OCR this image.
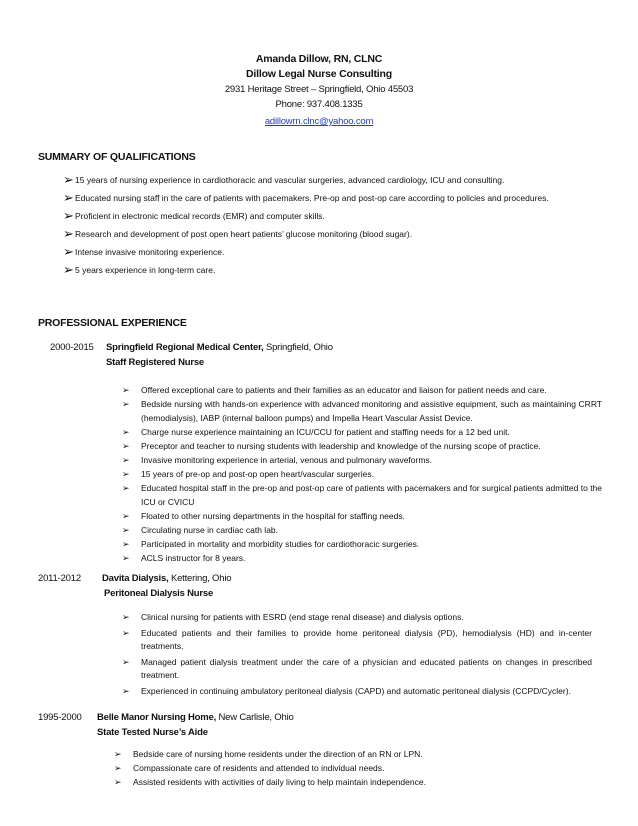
Amanda Dillow, RN, CLNC
Dillow Legal Nurse Consulting
2931 Heritage Street – Springfield, Ohio 45503
Phone: 937.408.1335
adillowrn.clnc@yahoo.com
SUMMARY OF QUALIFICATIONS
➢ 15 years of nursing experience in cardiothoracic and vascular surgeries, advanced cardiology, ICU and consulting.
➢ Educated nursing staff in the care of patients with pacemakers. Pre-op and post-op care according to policies and procedures.
➢ Proficient in electronic medical records (EMR) and computer skills.
➢ Research and development of post open heart patients’ glucose monitoring (blood sugar).
➢ Intense invasive monitoring experience.
➢ 5 years experience in long-term care.
PROFESSIONAL EXPERIENCE
2000-2015 Springfield Regional Medical Center, Springfield, Ohio
Staff Registered Nurse
➢ Offered exceptional care to patients and their families as an educator and liaison for patient needs and care.
➢ Bedside nursing with hands-on experience with advanced monitoring and assistive equipment, such as maintaining CRRT (hemodialysis), IABP (internal balloon pumps) and Impella Heart Vascular Assist Device.
➢ Charge nurse experience maintaining an ICU/CCU for patient and staffing needs for a 12 bed unit.
➢ Preceptor and teacher to nursing students with leadership and knowledge of the nursing scope of practice.
➢ Invasive monitoring experience in arterial, venous and pulmonary waveforms.
➢ 15 years of pre-op and post-op open heart/vascular surgeries.
➢ Educated hospital staff in the pre-op and post-op care of patients with pacemakers and for surgical patients admitted to the ICU or CVICU
➢ Floated to other nursing departments in the hospital for staffing needs.
➢ Circulating nurse in cardiac cath lab.
➢ Participated in mortality and morbidity studies for cardiothoracic surgeries.
➢ ACLS instructor for 8 years.
2011-2012 Davita Dialysis, Kettering, Ohio
Peritoneal Dialysis Nurse
➢ Clinical nursing for patients with ESRD (end stage renal disease) and dialysis options.
➢ Educated patients and their families to provide home peritoneal dialysis (PD), hemodialysis (HD) and in-center treatments.
➢ Managed patient dialysis treatment under the care of a physician and educated patients on changes in prescribed treatment.
➢ Experienced in continuing ambulatory peritoneal dialysis (CAPD) and automatic peritoneal dialysis (CCPD/Cycler).
1995-2000 Belle Manor Nursing Home, New Carlisle, Ohio
State Tested Nurse’s Aide
➢ Bedside care of nursing home residents under the direction of an RN or LPN.
➢ Compassionate care of residents and attended to individual needs.
➢ Assisted residents with activities of daily living to help maintain independence.
